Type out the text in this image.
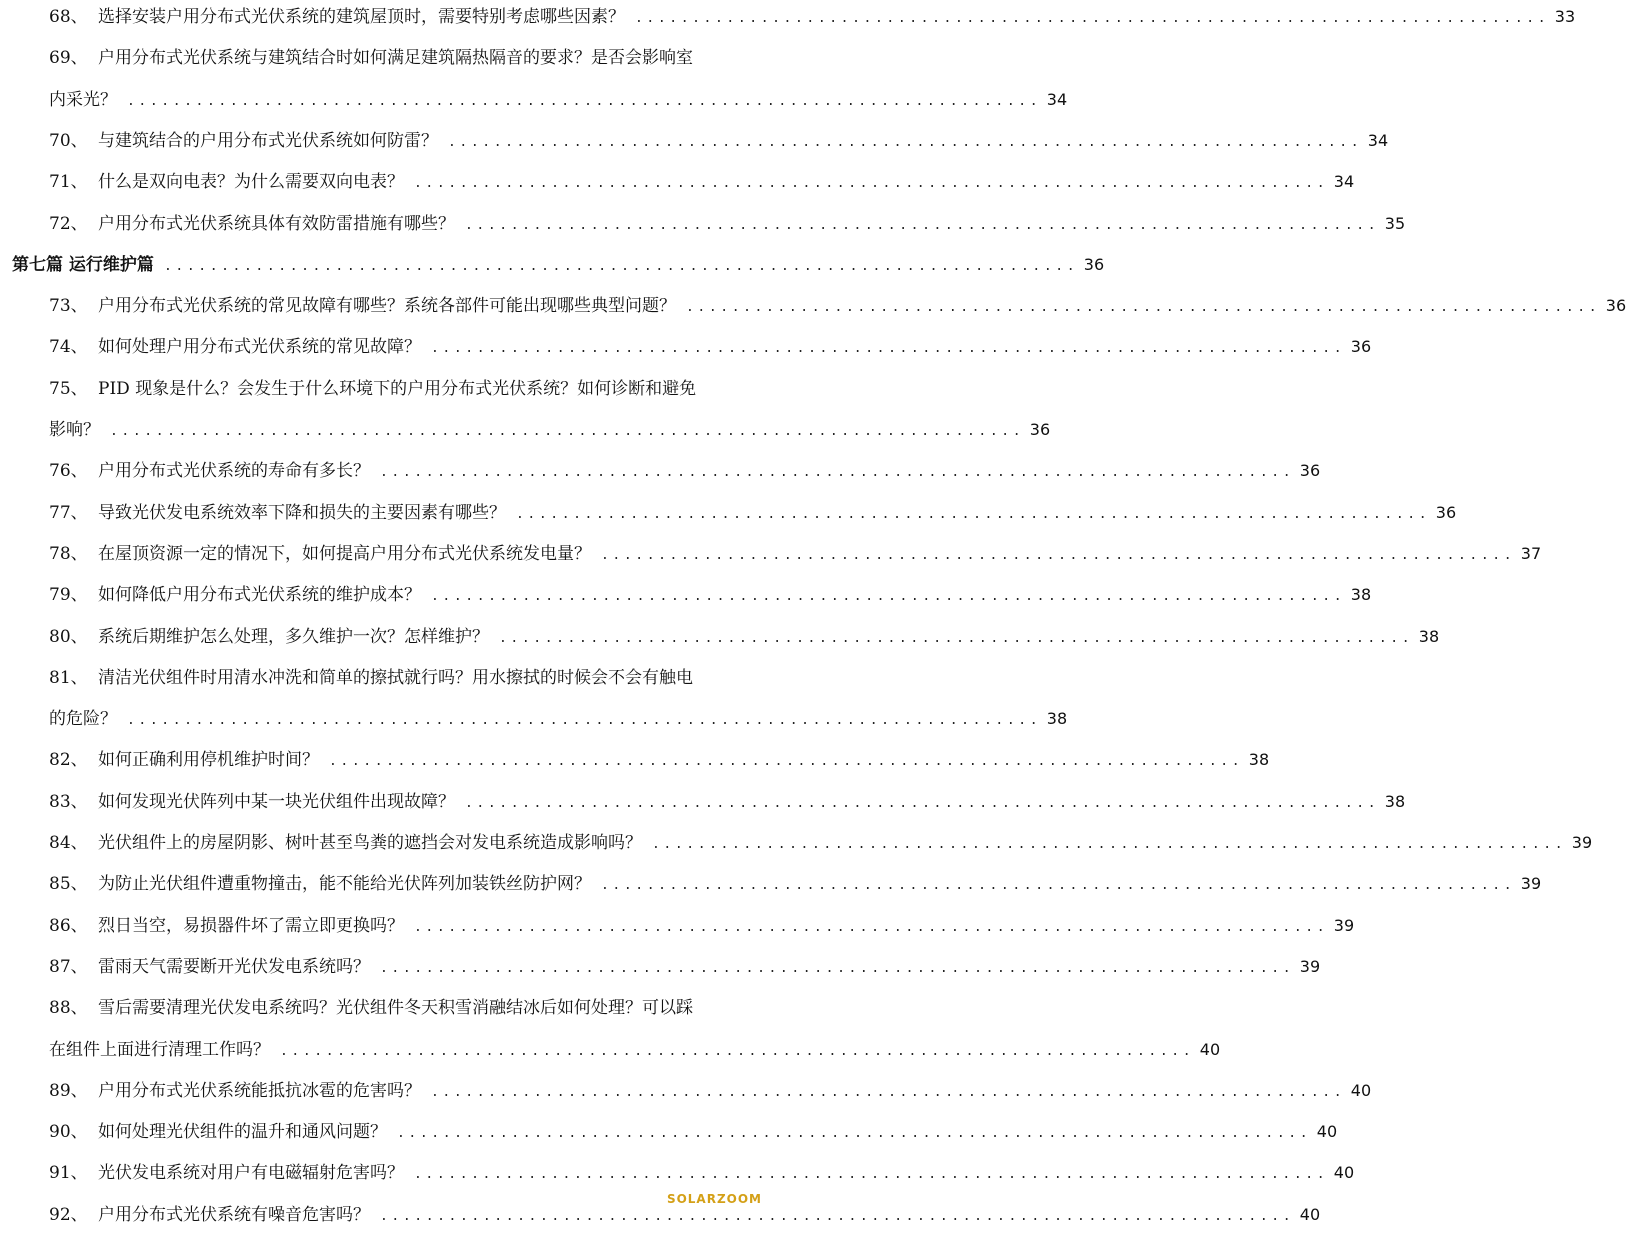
68、 选择安装户用分布式光伏系统的建筑屋顶时，需要特别考虑哪些因素？ ................................................................................ 33
69、 户用分布式光伏系统与建筑结合时如何满足建筑隔热隔音的要求？是否会影响室
内采光？ ................................................................................ 34
70、 与建筑结合的户用分布式光伏系统如何防雷？ ................................................................................ 34
71、 什么是双向电表？为什么需要双向电表？ ................................................................................ 34
72、 户用分布式光伏系统具体有效防雷措施有哪些？ ................................................................................ 35
第七篇 运行维护篇 ................................................................................ 36
73、 户用分布式光伏系统的常见故障有哪些？系统各部件可能出现哪些典型问题？ ................................................................................ 36
74、 如何处理户用分布式光伏系统的常见故障？ ................................................................................ 36
75、 PID 现象是什么？会发生于什么环境下的户用分布式光伏系统？如何诊断和避免
影响？ ................................................................................ 36
76、 户用分布式光伏系统的寿命有多长？ ................................................................................ 36
77、 导致光伏发电系统效率下降和损失的主要因素有哪些？ ................................................................................ 36
78、 在屋顶资源一定的情况下，如何提高户用分布式光伏系统发电量？ ................................................................................ 37
79、 如何降低户用分布式光伏系统的维护成本？ ................................................................................ 38
80、 系统后期维护怎么处理，多久维护一次？怎样维护？ ................................................................................ 38
81、 清洁光伏组件时用清水冲洗和简单的擦拭就行吗？用水擦拭的时候会不会有触电
的危险？ ................................................................................ 38
82、 如何正确利用停机维护时间？ ................................................................................ 38
83、 如何发现光伏阵列中某一块光伏组件出现故障？ ................................................................................ 38
84、 光伏组件上的房屋阴影、树叶甚至鸟粪的遮挡会对发电系统造成影响吗？ ................................................................................ 39
85、 为防止光伏组件遭重物撞击，能不能给光伏阵列加装铁丝防护网？ ................................................................................ 39
86、 烈日当空，易损器件坏了需立即更换吗？ ................................................................................ 39
87、 雷雨天气需要断开光伏发电系统吗？ ................................................................................ 39
88、 雪后需要清理光伏发电系统吗？光伏组件冬天积雪消融结冰后如何处理？可以踩
在组件上面进行清理工作吗？ ................................................................................ 40
89、 户用分布式光伏系统能抵抗冰雹的危害吗？ ................................................................................ 40
90、 如何处理光伏组件的温升和通风问题？ ................................................................................ 40
91、 光伏发电系统对用户有电磁辐射危害吗？ ................................................................................ 40
92、 户用分布式光伏系统有噪音危害吗？ ................................................................................ 40
SOLARZOOM
